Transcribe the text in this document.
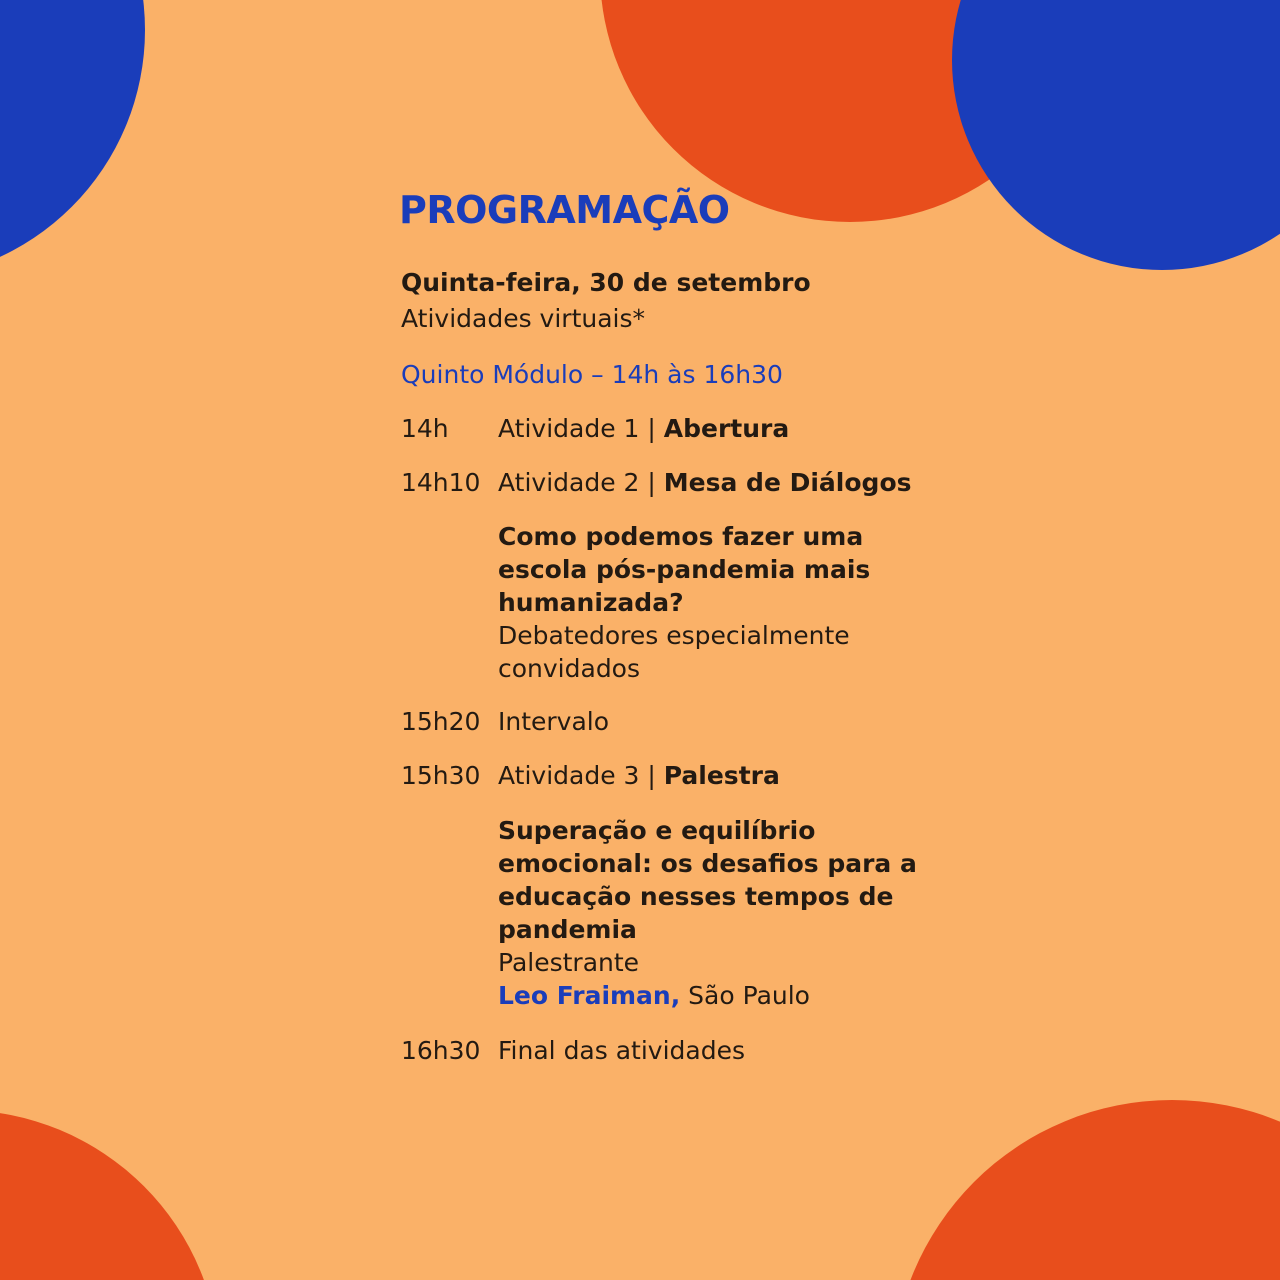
PROGRAMAÇÃO
Quinta-feira, 30 de setembro
Atividades virtuais*
Quinto Módulo – 14h às 16h30
14h Atividade 1 | Abertura
14h10 Atividade 2 | Mesa de Diálogos
Como podemos fazer uma
escola pós-pandemia mais
humanizada?
Debatedores especialmente
convidados
15h20 Intervalo
15h30 Atividade 3 | Palestra
Superação e equilíbrio
emocional: os desafios para a
educação nesses tempos de
pandemia
Palestrante
Leo Fraiman, São Paulo
16h30 Final das atividades
